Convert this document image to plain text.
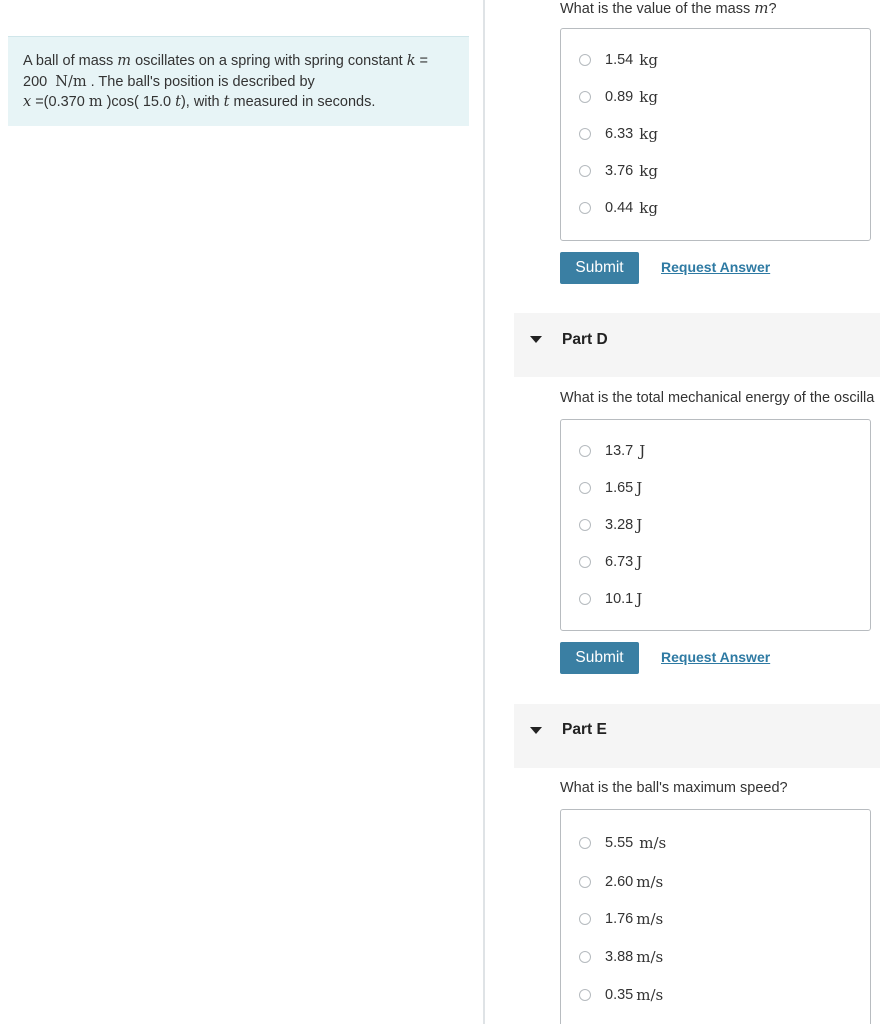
A ball of mass m oscillates on a spring with spring constant k =
200 N/m . The ball's position is described by
x =(0.370 m )cos( 15.0 t), with t measured in seconds.
What is the value of the mass m?
1.54 kg
0.89 kg
6.33 kg
3.76 kg
0.44 kg
Submit	Request Answer
Part D
What is the total mechanical energy of the oscilla
13.7 J
1.65 J
3.28 J
6.73 J
10.1 J
Submit	Request Answer
Part E
What is the ball's maximum speed?
5.55 m/s
2.60 m/s
1.76 m/s
3.88 m/s
0.35 m/s
